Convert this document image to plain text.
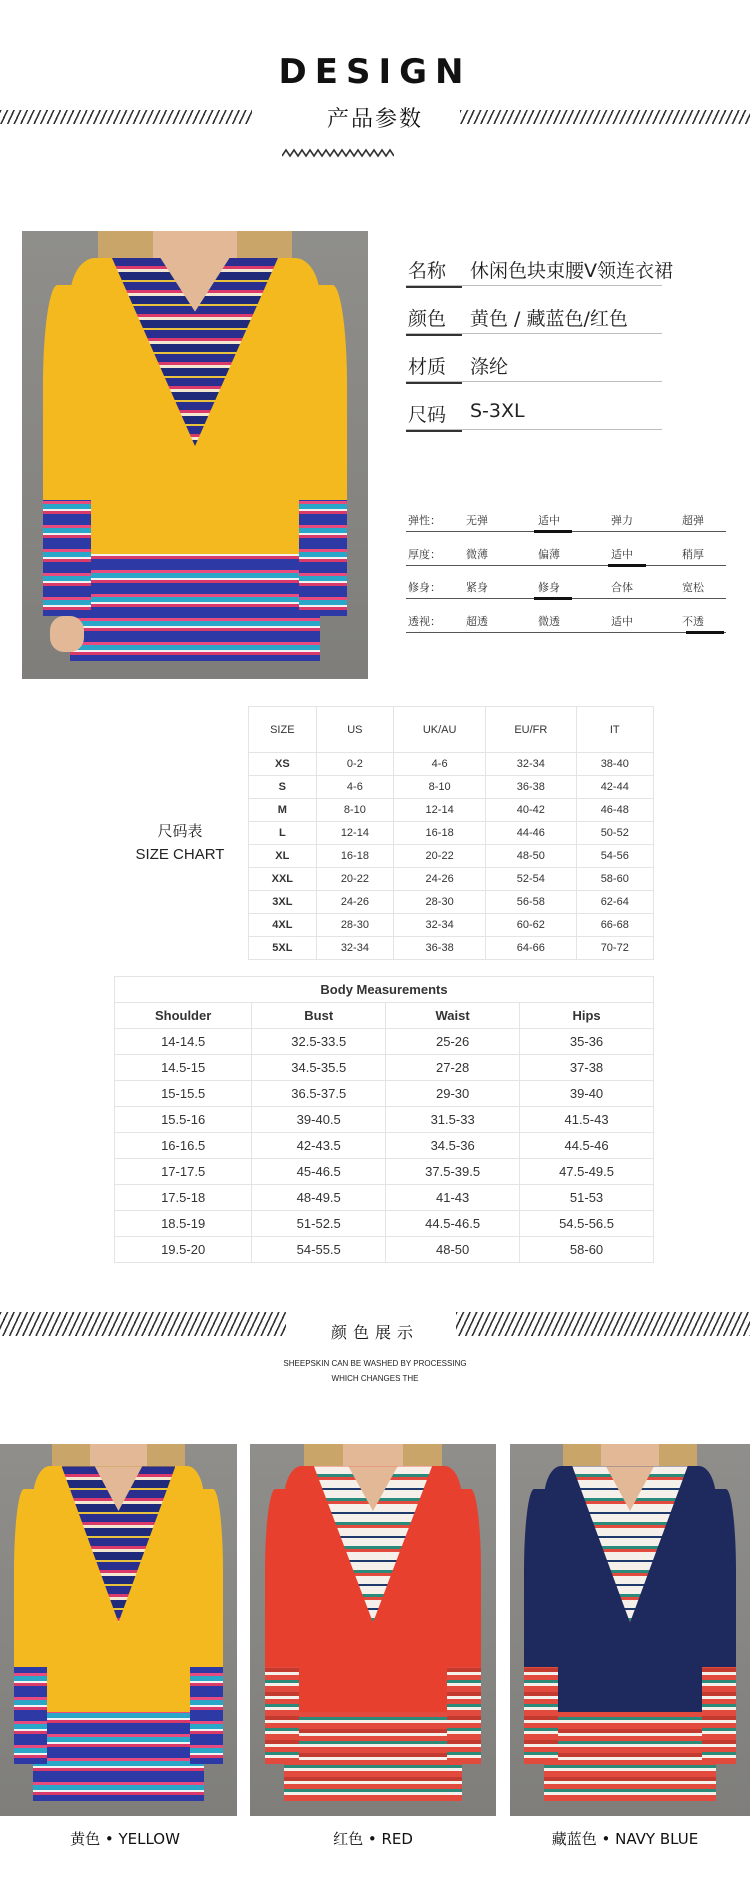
DESIGN
产品参数
名称 休闲色块束腰V领连衣裙
颜色 黄色 / 藏蓝色/红色
材质 涤纶
尺码 S-3XL
弹性： 无弹	适中	弹力	超弹
厚度： 微薄	偏薄	适中	稍厚
修身： 紧身	修身	合体	宽松
透视： 超透	微透	适中	不透
尺码表
SIZE CHART
SIZE	US	UK/AU	EU/FR	IT
XS	0-2	4-6	32-34	38-40
S	4-6	8-10	36-38	42-44
M	8-10	12-14	40-42	46-48
L	12-14	16-18	44-46	50-52
XL	16-18	20-22	48-50	54-56
XXL	20-22	24-26	52-54	58-60
3XL	24-26	28-30	56-58	62-64
4XL	28-30	32-34	60-62	66-68
5XL	32-34	36-38	64-66	70-72
Body Measurements			
Shoulder	Bust	Waist	Hips
14-14.5	32.5-33.5	25-26	35-36
14.5-15	34.5-35.5	27-28	37-38
15-15.5	36.5-37.5	29-30	39-40
15.5-16	39-40.5	31.5-33	41.5-43
16-16.5	42-43.5	34.5-36	44.5-46
17-17.5	45-46.5	37.5-39.5	47.5-49.5
17.5-18	48-49.5	41-43	51-53
18.5-19	51-52.5	44.5-46.5	54.5-56.5
19.5-20	54-55.5	48-50	58-60
颜色展示
SHEEPSKIN CAN BE WASHED BY PROCESSING
WHICH CHANGES THE
黄色 • YELLOW	红色 • RED	藏蓝色 • NAVY BLUE
